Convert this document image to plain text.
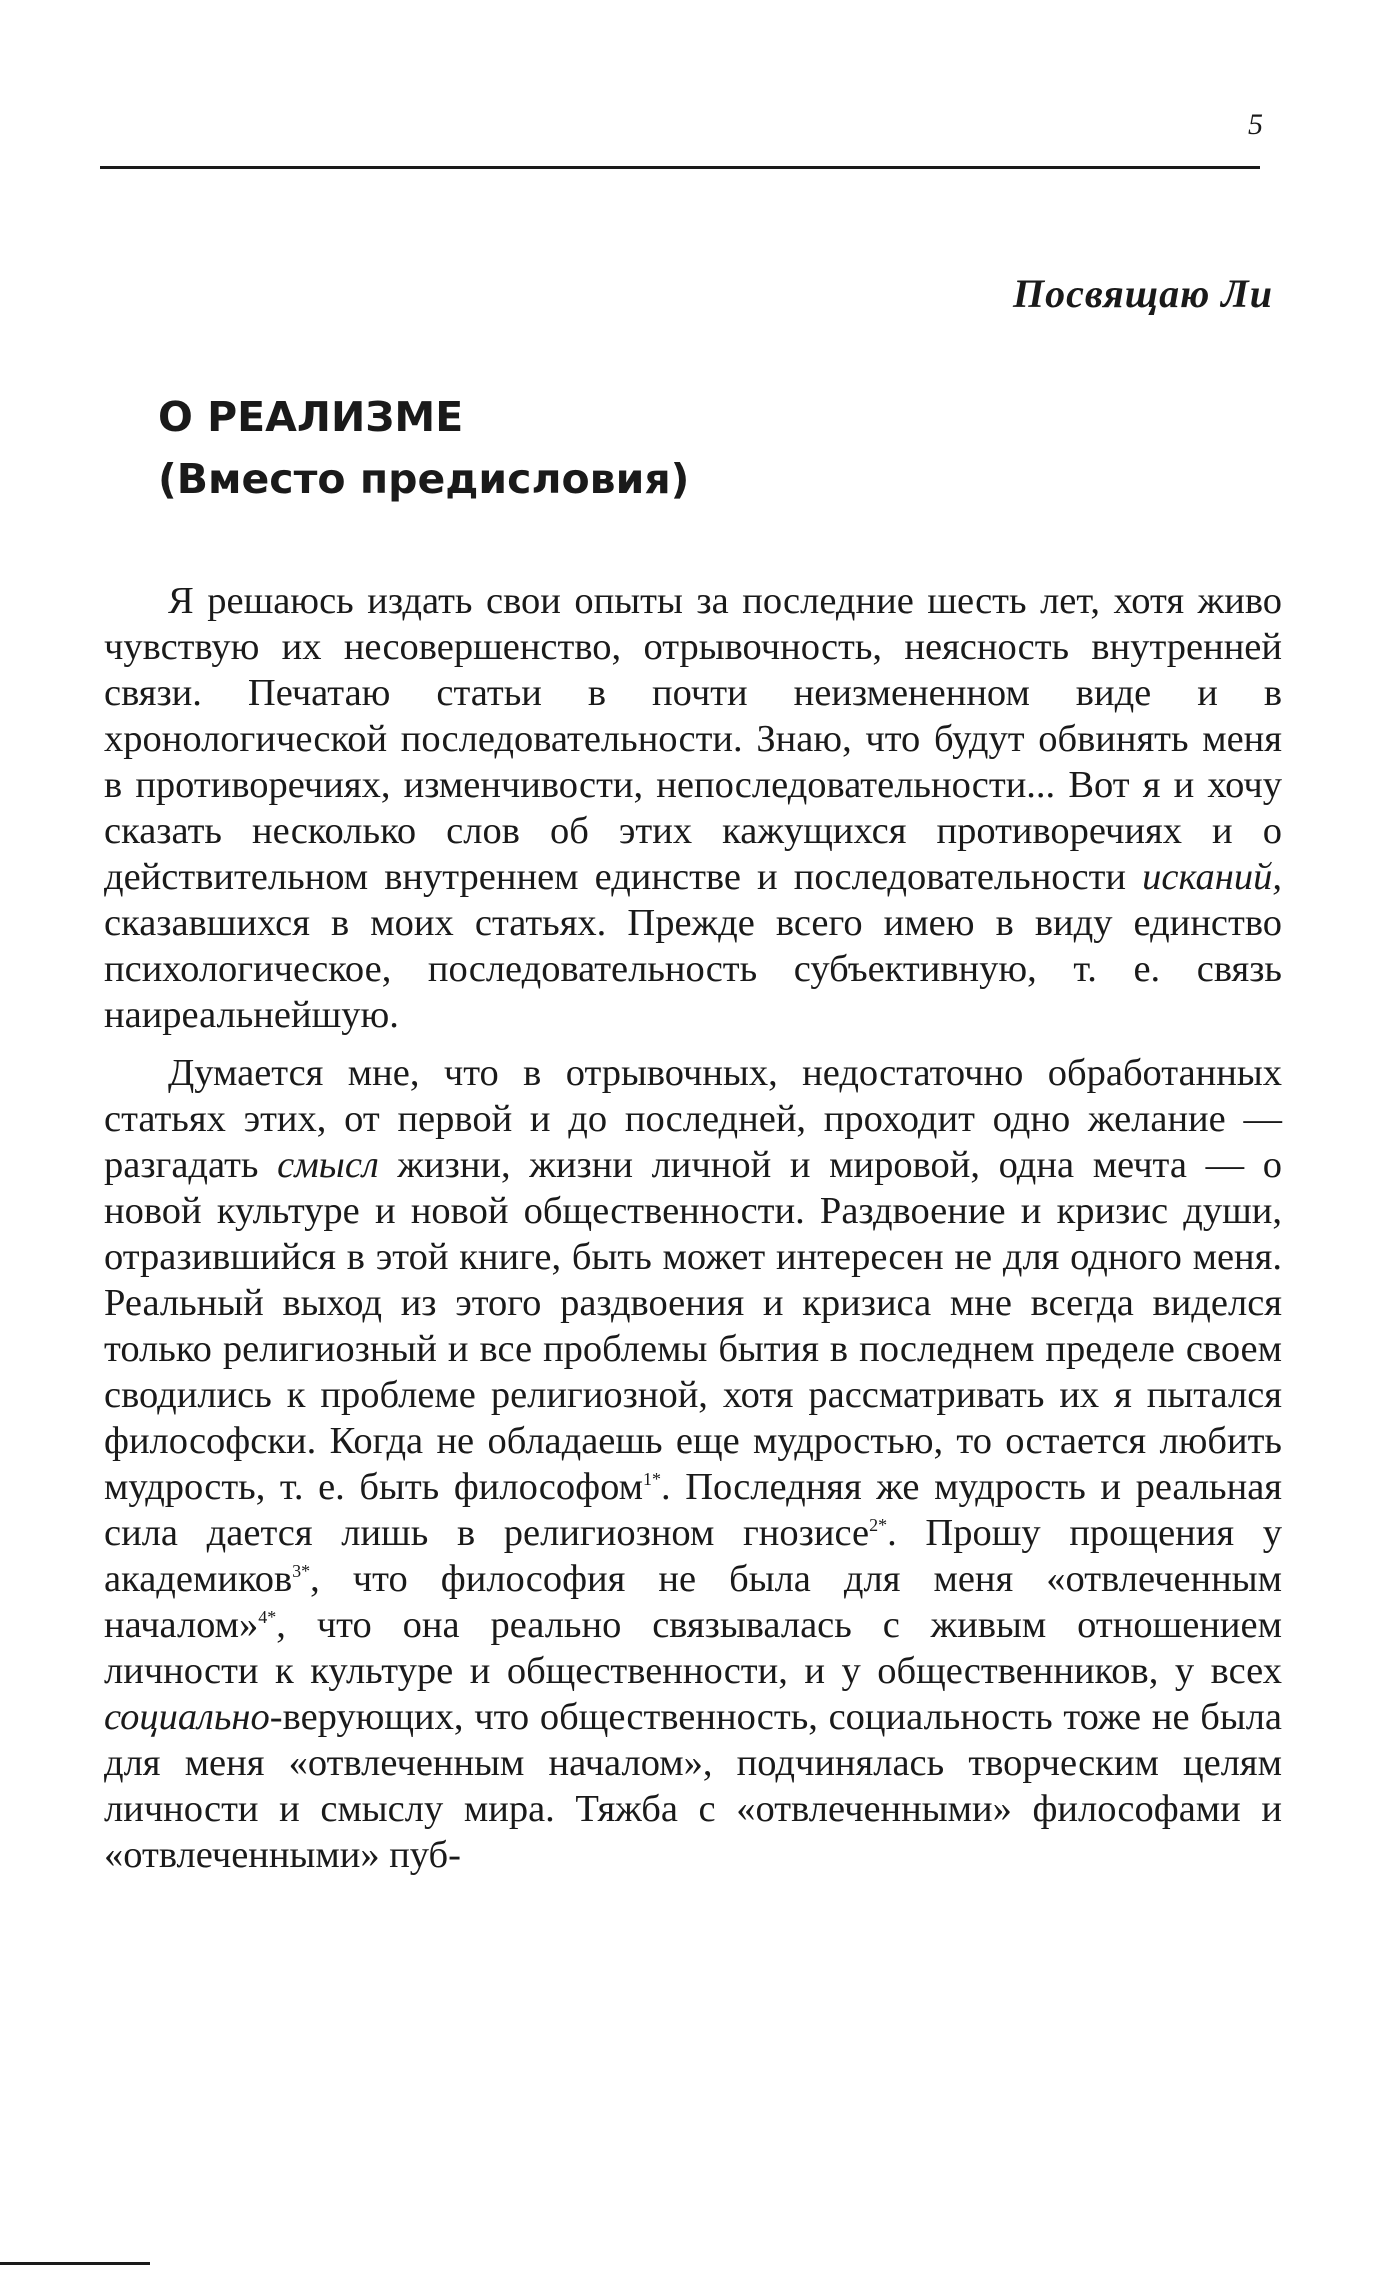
5
Посвящаю Ли
О РЕАЛИЗМЕ
(Вместо предисловия)

Я решаюсь издать свои опыты за последние шесть лет, хотя живо чувствую их несовершенство, отрывочность, неясность внутренней связи. Печатаю статьи в почти неизмененном виде и в хронологической последовательности. Знаю, что будут обвинять меня в противоречиях, изменчивости, непоследовательности... Вот я и хочу сказать несколько слов об этих кажущихся противоречиях и о действительном внутреннем единстве и последовательности исканий, сказавшихся в моих статьях. Прежде всего имею в виду единство психологическое, последовательность субъективную, т. е. связь наиреальнейшую.

Думается мне, что в отрывочных, недостаточно обработанных статьях этих, от первой и до последней, проходит одно желание — разгадать смысл жизни, жизни личной и мировой, одна мечта — о новой культуре и новой общественности. Раздвоение и кризис души, отразившийся в этой книге, быть может интересен не для одного меня. Реальный выход из этого раздвоения и кризиса мне всегда виделся только религиозный и все проблемы бытия в последнем пределе своем сводились к проблеме религиозной, хотя рассматривать их я пытался философски. Когда не обладаешь еще мудростью, то остается любить мудрость, т. е. быть философом$^{1*}$. Последняя же мудрость и реальная сила дается лишь в религиозном гнозисе$^{2*}$. Прошу прощения у академиков$^{3*}$, что философия не была для меня «отвлеченным началом»$^{4*}$, что она реально связывалась с живым отношением личности к культуре и общественности, и у общественников, у всех социально-верующих, что общественность, социальность тоже не была для меня «отвлеченным началом», подчинялась творческим целям личности и смыслу мира. Тяжба с «отвлеченными» философами и «отвлеченными» пуб-
